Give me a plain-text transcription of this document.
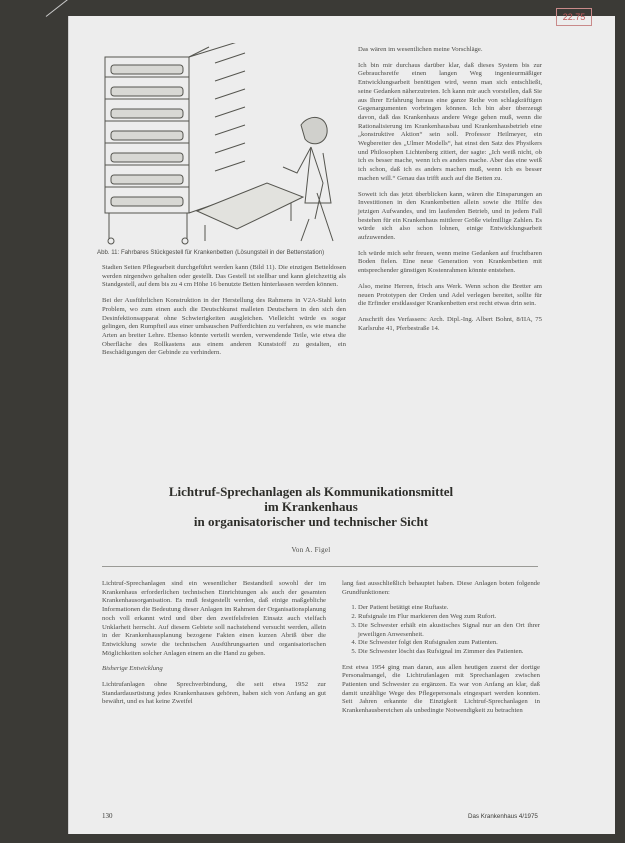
22.75
Abb. 11: Fahrbares Stückgestell für Krankenbetten (Lösungsteil in der Bettenstation)

Stadien Seiten Pflegearbeit durchgeführt werden kann (Bild 11). Die einzigen Betteldosen werden nirgendwo gehalten oder gestellt. Das Gestell ist stellbar und kann gleichzeitig als Standgestell, auf dem bis zu 4 cm Höhe 16 benutzte Betten hinterlassen werden können.

Bei der Ausführlichen Konstruktion in der Herstellung des Rahmens in V2A-Stahl kein Problem, wo zum einen auch die Deutschkunst malleten Deutschern in den sich den Desinfektionsapparat ohne Schwierigkeiten ausgleichen. Vielleicht würde es sogar gelingen, den Rumpfteil aus einer umbauschen Pufferdichten zu verfahren, es wie manche Arten an breiter Lehre. Ebenso könnte verteilt werden, verwendende Teile, wie etwa die Oberfläche des Rollkastens aus einem anderen Kunststoff zu gestalten, ein Beschädigungen der Gebinde zu verhindern.

Das wären im wesentlichen meine Vorschläge.

Ich bin mir durchaus darüber klar, daß dieses System bis zur Gebrauchsreife einen langen Weg ingenieurmäßiger Entwicklungsarbeit benötigen wird, wenn man sich entschließt, seine Gedanken näherzutreten. Ich kann mir auch vorstellen, daß Sie aus Ihrer Erfahrung heraus eine ganze Reihe von schlagkräftigen Gegenargumenten vorbringen können. Ich bin aber überzeugt davon, daß das Krankenhaus andere Wege gehen muß, wenn die Rationalisierung im Krankenhausbau und Krankenhausbetrieb eine „konstruktive Aktion“ sein soll. Professor Heilmeyer, ein Wegbereiter des „Ulmer Modells“, hat einst den Satz des Physikers und Philosophen Lichtenberg zitiert, der sagte: „Ich weiß nicht, ob ich es besser mache, wenn ich es anders mache. Aber das eine weiß ich schon, daß ich es anders machen muß, wenn ich es besser machen will.“ Genau das trifft auch auf die Betten zu.

Soweit ich das jetzt überblicken kann, wären die Einsparungen an Investitionen in den Krankenbetten allein sowie die Hilfe des jetzigen Aufwandes, und im laufenden Betrieb, und in jedem Fall bestehen für ein Krankenhaus mittlerer Größe vielmillige Zahlen. Es würde sich also schon lohnen, einige Entwicklungsarbeit aufzuwenden.

Ich würde mich sehr freuen, wenn meine Gedanken auf fruchtbaren Boden fielen. Eine neue Generation von Krankenbetten mit entsprechender günstigen Kostenrahmen könnte entstehen.

Also, meine Herren, frisch ans Werk. Wenn schon die Bretter am neuen Prototypen der Orden und Adel verlegen bereitet, sollte für die Erfinder erstklassiger Krankenbetten erst recht etwas drin sein.

Anschrift des Verfassers: Arch. Dipl.-Ing. Albert Bohnt, 8/IIA, 75 Karlsruhe 41, Pferbestraße 14.

Lichtruf-Sprechanlagen als Kommunikationsmittel
im Krankenhaus
in organisatorischer und technischer Sicht
Von A. Figel

Lichtruf-Sprechanlagen sind ein wesentlicher Bestandteil sowohl der im Krankenhaus erforderlichen technischen Einrichtungen als auch der gesamten Krankenhausorganisation. Es muß festgestellt werden, daß einige maßgebliche Informationen die Bedeutung dieser Anlagen im Rahmen der Organisationsplanung noch voll erkannt wird und über den zweifelsfreien Einsatz auch vielfach Unklarheit herrscht. Auf diesem Gebiete soll nachstehend versucht werden, allein in der Krankenhausplanung bezogene Fakten einen kurzen Abriß über die Entwicklung sowie die technischen Ausführungsarten und organisatorischen Möglichkeiten solcher Anlagen einem an die Hand zu geben.

Bisherige Entwicklung

Lichtrufanlagen ohne Sprechverbindung, die seit etwa 1952 zur Standardausrüstung jedes Krankenhauses gehören, haben sich von Anfang an gut bewährt, und es hat keine Zweifel

lang fast ausschließlich behauptet haben. Diese Anlagen boten folgende Grundfunktionen:

1. Der Patient betätigt eine Ruftaste.
2. Rufsignale im Flur markieren den Weg zum Rufort.
3. Die Schwester erhält ein akustisches Signal nur an den Ort ihrer jeweiligen Anwesenheit.
4. Die Schwester folgt den Rufsignalen zum Patienten.
5. Die Schwester löscht das Rufsignal im Zimmer des Patienten.

Erst etwa 1954 ging man daran, aus allen heutigen zuerst der dortige Personalmangel, die Lichtrufanlagen mit Sprechanlagen zwischen Patienten und Schwester zu ergänzen. Es war von Anfang an klar, daß damit unzählige Wege des Pflegepersonals eingespart werden konnten. Seit Jahren erkannte die Einzigkeit Lichtruf-Sprechanlagen in Krankenhausbereichen als unbedingte Notwendigkeit zu betrachten

130	Das Krankenhaus 4/1975
